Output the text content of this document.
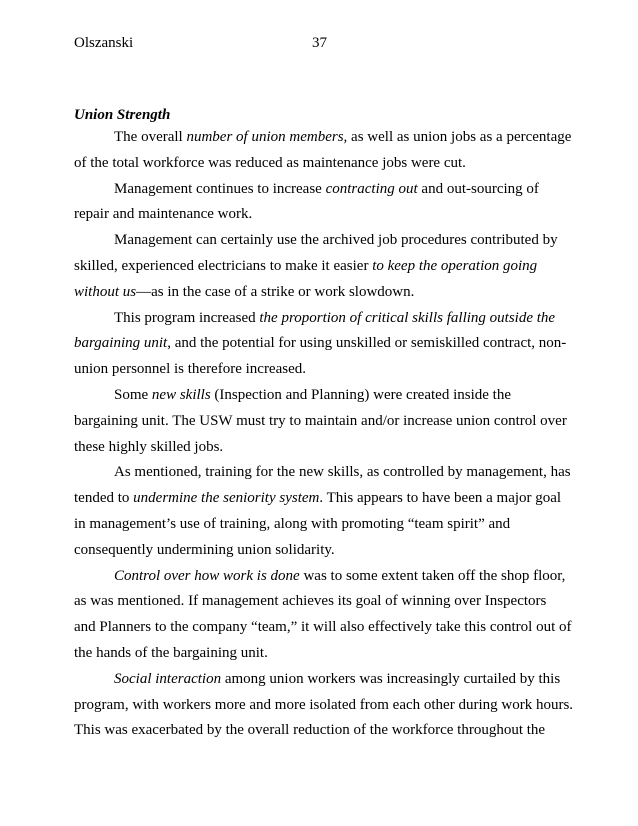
Olszanski	37
Union Strength

The overall number of union members, as well as union jobs as a percentage
of the total workforce was reduced as maintenance jobs were cut.

Management continues to increase contracting out and out-sourcing of
repair and maintenance work.

Management can certainly use the archived job procedures contributed by
skilled, experienced electricians to make it easier to keep the operation going
without us—as in the case of a strike or work slowdown.

This program increased the proportion of critical skills falling outside the
bargaining unit, and the potential for using unskilled or semiskilled contract, non-
union personnel is therefore increased.

Some new skills (Inspection and Planning) were created inside the
bargaining unit. The USW must try to maintain and/or increase union control over
these highly skilled jobs.

As mentioned, training for the new skills, as controlled by management, has
tended to undermine the seniority system. This appears to have been a major goal
in management’s use of training, along with promoting “team spirit” and
consequently undermining union solidarity.

Control over how work is done was to some extent taken off the shop floor,
as was mentioned. If management achieves its goal of winning over Inspectors
and Planners to the company “team,” it will also effectively take this control out of
the hands of the bargaining unit.

Social interaction among union workers was increasingly curtailed by this
program, with workers more and more isolated from each other during work hours.
This was exacerbated by the overall reduction of the workforce throughout the
